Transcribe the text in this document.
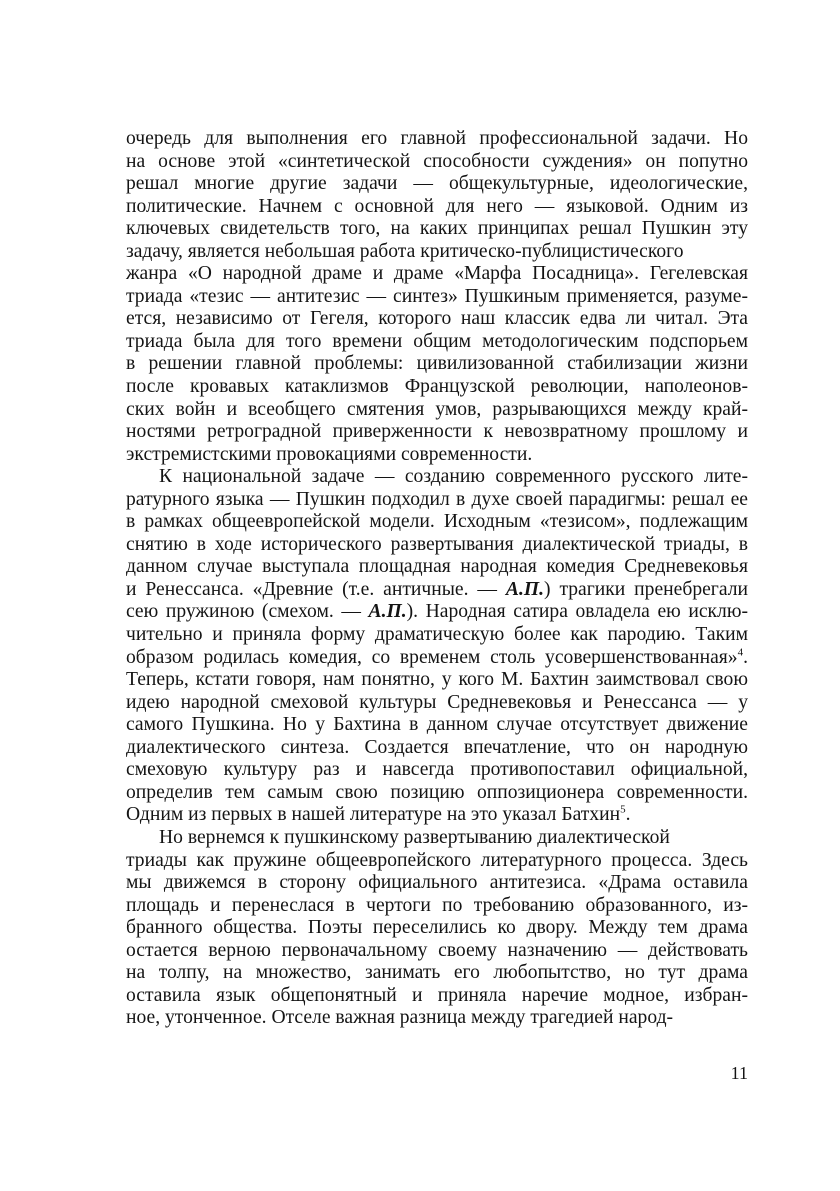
очередь для выполнения его главной профессиональной задачи. Но
на основе этой «синтетической способности суждения» он попутно
решал многие другие задачи — общекультурные, идеологические,
политические. Начнем с основной для него — языковой. Одним из
ключевых свидетельств того, на каких принципах решал Пушкин эту
задачу, является небольшая работа критическо-публицистического
жанра «О народной драме и драме «Марфа Посадница». Гегелевская
триада «тезис — антитезис — синтез» Пушкиным применяется, разуме-
ется, независимо от Гегеля, которого наш классик едва ли читал. Эта
триада была для того времени общим методологическим подспорьем
в решении главной проблемы: цивилизованной стабилизации жизни
после кровавых катаклизмов Французской революции, наполеонов-
ских войн и всеобщего смятения умов, разрывающихся между край-
ностями ретроградной приверженности к невозвратному прошлому и
экстремистскими провокациями современности.
К национальной задаче — созданию современного русского лите-
ратурного языка — Пушкин подходил в духе своей парадигмы: решал ее
в рамках общеевропейской модели. Исходным «тезисом», подлежащим
снятию в ходе исторического развертывания диалектической триады, в
данном случае выступала площадная народная комедия Средневековья
и Ренессанса. «Древние (т.е. античные. — А.П.) трагики пренебрегали
сею пружиною (смехом. — А.П.). Народная сатира овладела ею исклю-
чительно и приняла форму драматическую более как пародию. Таким
образом родилась комедия, со временем столь усовершенствованная»$^4$.
Теперь, кстати говоря, нам понятно, у кого М. Бахтин заимствовал свою
идею народной смеховой культуры Средневековья и Ренессанса — у
самого Пушкина. Но у Бахтина в данном случае отсутствует движение
диалектического синтеза. Создается впечатление, что он народную
смеховую культуру раз и навсегда противопоставил официальной,
определив тем самым свою позицию оппозиционера современности.
Одним из первых в нашей литературе на это указал Батхин$^5$.
Но вернемся к пушкинскому развертыванию диалектической
триады как пружине общеевропейского литературного процесса. Здесь
мы движемся в сторону официального антитезиса. «Драма оставила
площадь и перенеслася в чертоги по требованию образованного, из-
бранного общества. Поэты переселились ко двору. Между тем драма
остается верною первоначальному своему назначению — действовать
на толпу, на множество, занимать его любопытство, но тут драма
оставила язык общепонятный и приняла наречие модное, избран-
ное, утонченное. Отселе важная разница между трагедией народ-
11
